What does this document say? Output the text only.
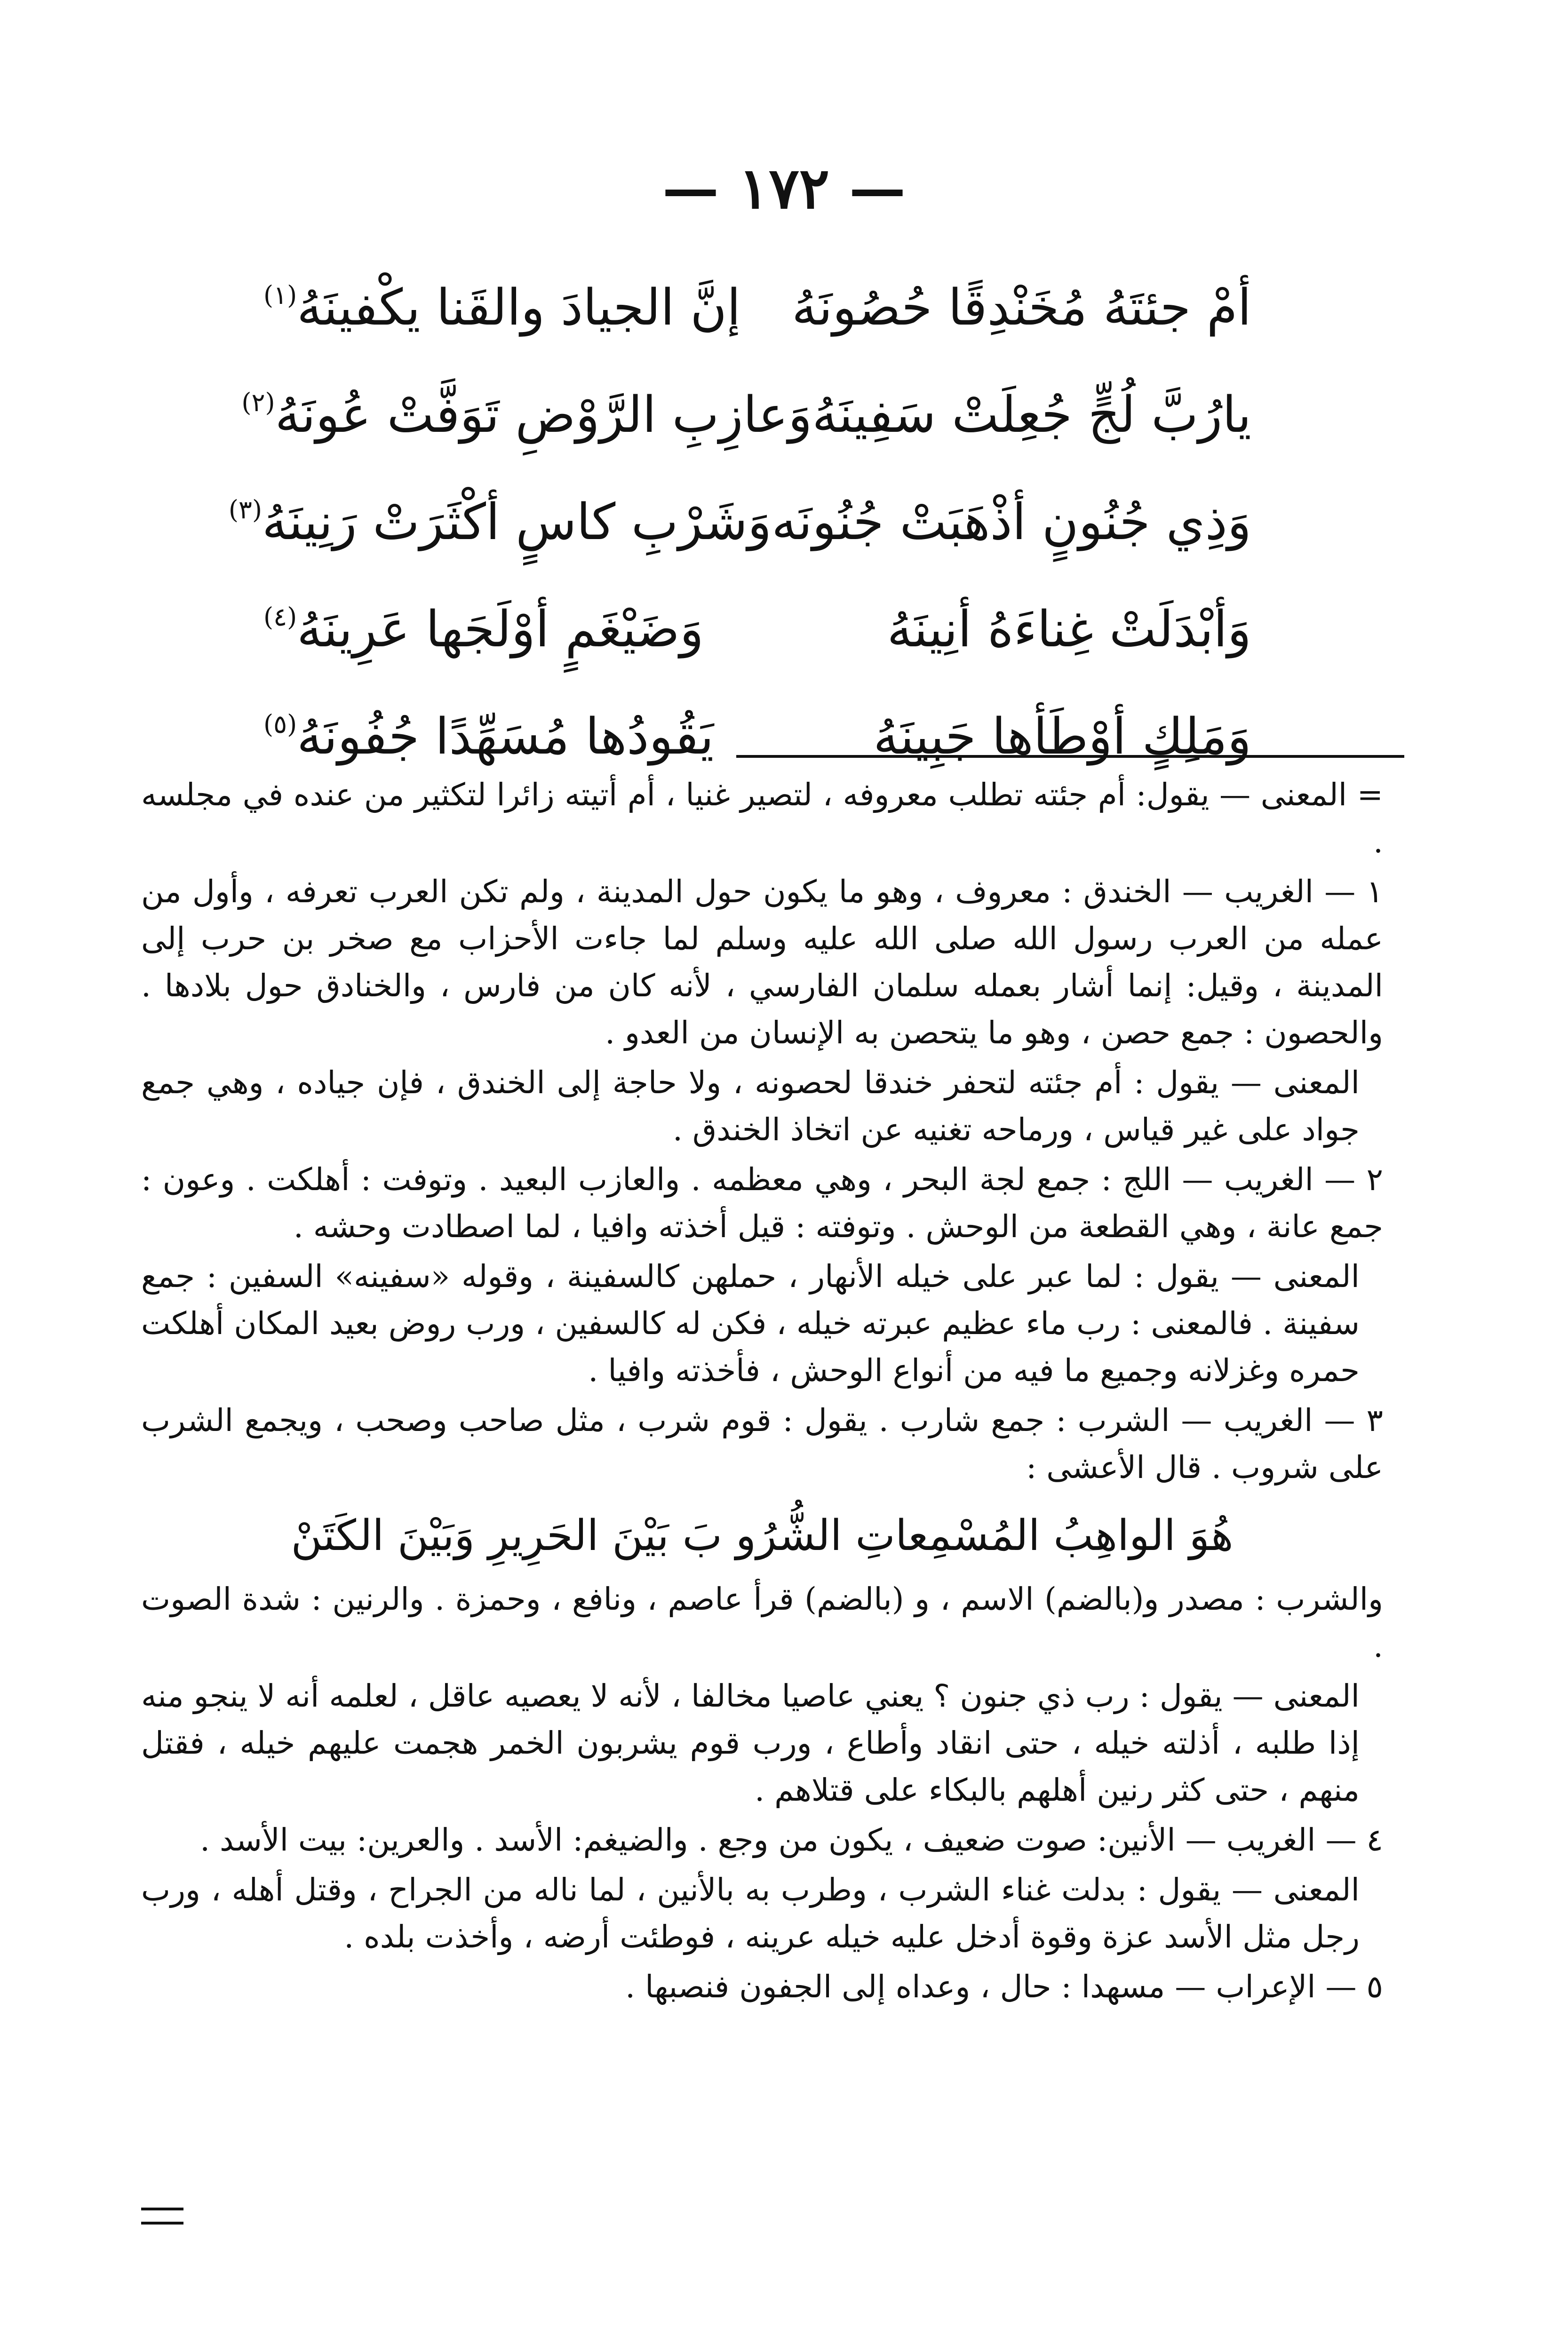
— ١٧٢ —
أمْ جئتَهُ مُخَنْدِقًا حُصُونَهُ
إنَّ الجيادَ والقَنا يكْفينَهُ$^{(١)}$
يارُبَّ لُجٍّ جُعِلَتْ سَفِينَهُ
وَعازِبِ الرَّوْضِ تَوَفَّتْ عُونَهُ$^{(٢)}$
وَذِي جُنُونٍ أذْهَبَتْ جُنُونَه
وَشَرْبِ كاسٍ أكْثَرَتْ رَنِينَهُ$^{(٣)}$
وَأبْدَلَتْ غِناءَهُ أنِينَهُ
وَضَيْغَمٍ أوْلَجَها عَرِينَهُ$^{(٤)}$
وَمَلِكٍ أوْطَأها جَبِينَهُ
يَقُودُها مُسَهِّدًا جُفُونَهُ$^{(٥)}$

= المعنى — يقول: أم جئته تطلب معروفه ، لتصير غنيا ، أم أتيته زائرا لتكثير من عنده في مجلسه .

١ — الغريب — الخندق : معروف ، وهو ما يكون حول المدينة ، ولم تكن العرب تعرفه ، وأول من عمله من العرب رسول الله صلى الله عليه وسلم لما جاءت الأحزاب مع صخر بن حرب إلى المدينة ، وقيل: إنما أشار بعمله سلمان الفارسي ، لأنه كان من فارس ، والخنادق حول بلادها . والحصون : جمع حصن ، وهو ما يتحصن به الإنسان من العدو .

المعنى — يقول : أم جئته لتحفر خندقا لحصونه ، ولا حاجة إلى الخندق ، فإن جياده ، وهي جمع جواد على غير قياس ، ورماحه تغنيه عن اتخاذ الخندق .

٢ — الغريب — اللج : جمع لجة البحر ، وهي معظمه . والعازب البعيد . وتوفت : أهلكت . وعون : جمع عانة ، وهي القطعة من الوحش . وتوفته : قيل أخذته وافيا ، لما اصطادت وحشه .

المعنى — يقول : لما عبر على خيله الأنهار ، حملهن كالسفينة ، وقوله «سفينه» السفين : جمع سفينة . فالمعنى : رب ماء عظيم عبرته خيله ، فكن له كالسفين ، ورب روض بعيد المكان أهلكت حمره وغزلانه وجميع ما فيه من أنواع الوحش ، فأخذته وافيا .

٣ — الغريب — الشرب : جمع شارب . يقول : قوم شرب ، مثل صاحب وصحب ، ويجمع الشرب على شروب . قال الأعشى :

هُوَ الواهِبُ المُسْمِعاتِ الشُّرُو بَ بَيْنَ الحَرِيرِ وَبَيْنَ الكَتَنْ

والشرب : مصدر و(بالضم) الاسم ، و (بالضم) قرأ عاصم ، ونافع ، وحمزة . والرنين : شدة الصوت .

المعنى — يقول : رب ذي جنون ؟ يعني عاصيا مخالفا ، لأنه لا يعصيه عاقل ، لعلمه أنه لا ينجو منه إذا طلبه ، أذلته خيله ، حتى انقاد وأطاع ، ورب قوم يشربون الخمر هجمت عليهم خيله ، فقتل منهم ، حتى كثر رنين أهلهم بالبكاء على قتلاهم .

٤ — الغريب — الأنين: صوت ضعيف ، يكون من وجع . والضيغم: الأسد . والعرين: بيت الأسد .

المعنى — يقول : بدلت غناء الشرب ، وطرب به بالأنين ، لما ناله من الجراح ، وقتل أهله ، ورب رجل مثل الأسد عزة وقوة أدخل عليه خيله عرينه ، فوطئت أرضه ، وأخذت بلده .

٥ — الإعراب — مسهدا : حال ، وعداه إلى الجفون فنصبها .
